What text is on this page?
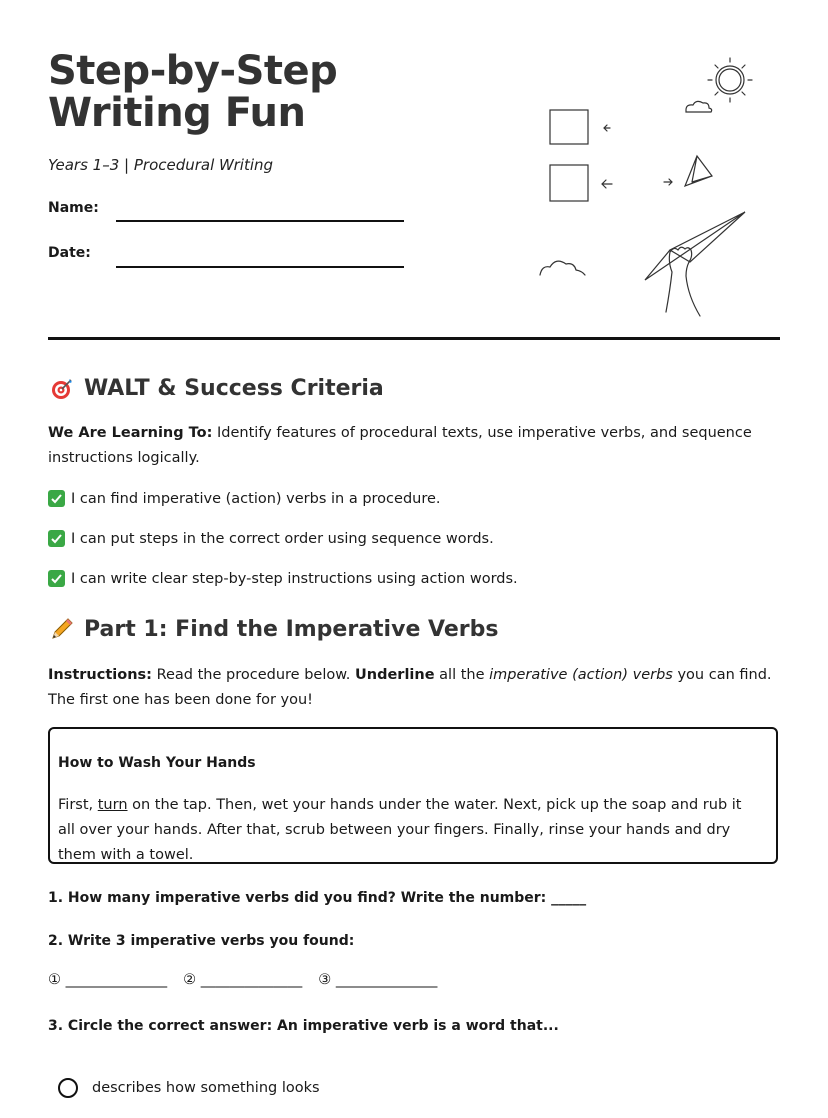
Step-by-Step Writing Fun
Years 1–3 | Procedural Writing
Name:
Date:
WALT & Success Criteria
We Are Learning To: Identify features of procedural texts, use imperative verbs, and sequence instructions logically.
I can find imperative (action) verbs in a procedure.
I can put steps in the correct order using sequence words.
I can write clear step-by-step instructions using action words.
Part 1: Find the Imperative Verbs
Instructions: Read the procedure below. Underline all the imperative (action) verbs you can find. The first one has been done for you!
How to Wash Your Hands
First, turn on the tap. Then, wet your hands under the water. Next, pick up the soap and rub it all over your hands. After that, scrub between your fingers. Finally, rinse your hands and dry them with a towel.
1. How many imperative verbs did you find? Write the number: _____
2. Write 3 imperative verbs you found:
① ______________ ② ______________ ③ ______________
3. Circle the correct answer: An imperative verb is a word that...
describes how something looks
